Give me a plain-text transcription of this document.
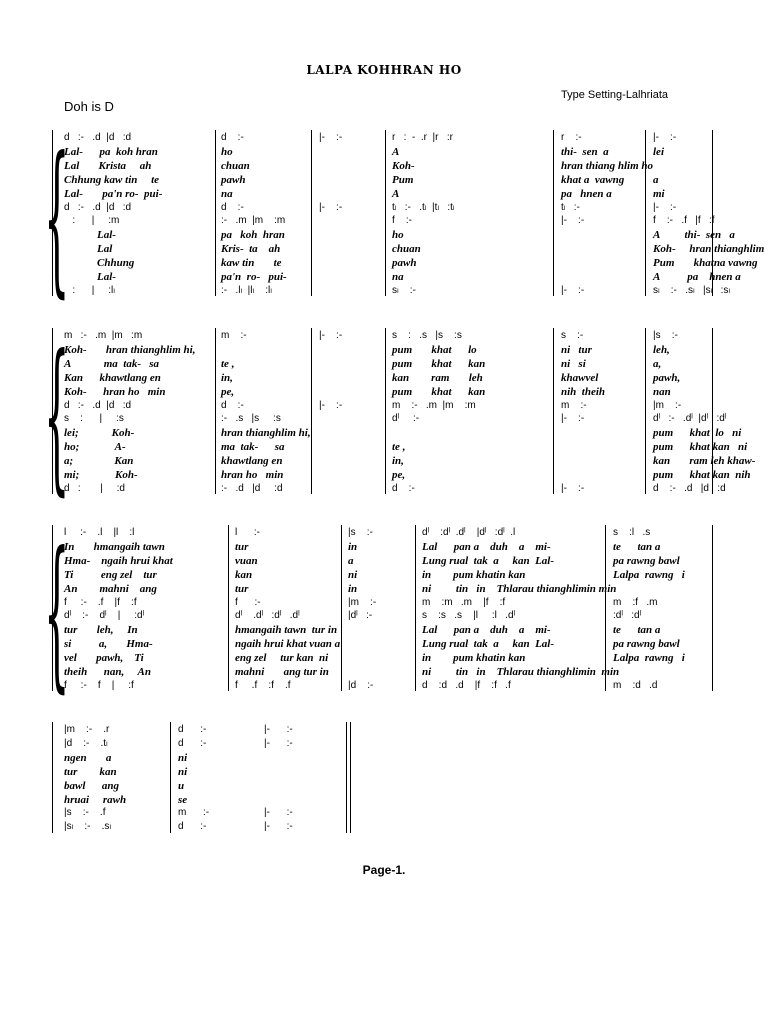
LALPA KOHHRAN HO
Type Setting-Lalhriata
Doh is D
{
d   :-   .d  |d   :d	d    :-	|-    :-	r   :  -  .r  |r   :r	r    :-	|-    :-
Lal-      pa  koh hran	ho	A	thi-  sen  a	lei
Lal       Krista     ah	chuan	Koh-	hran thiang hlim ho
Chhung kaw tin     te	pawh	Pum	khat a  vawng	a
Lal-       pa'n ro-  pui-	na	A	pa   hnen a	mi
d   :-   .d  |d   :d	d    :-	|-    :-	tₗ   :-   .tₗ  |tₗ   :tₗ	tₗ   :-	|-    :-
:      |     :m	:-   .m  |m    :m	f    :-	|-    :-	f    :-   .f   |f   :f
Lal-	pa   koh  hran	ho	A         thi-  sen   a
Lal	Kris-  ta    ah	chuan	Koh-     hran thianghlim
Chhung	kaw tin       te	pawh	Pum       khatna vawng
Lal-	pa'n  ro-   pui-	na	A          pa    hnen a
:      |     :lₗ	:-   .lₗ  |lₗ    :lₗ	sₗ    :-	|-    :-	sₗ    :-   .sₗ   |sₗ   :sₗ
{
m   :-   .m  |m   :m	m    :-	|-    :-	s    :   .s   |s    :s	s    :-	|s    :-
Koh-       hran thianghlim hi,	pum       khat      lo	ni   tur	leh,
A            ma  tak-   sa	te ,	pum       khat      kan	ni   si	a,
Kan      khawtlang en	in,	kan        ram       leh	khawvel	pawh,
Koh-      hran ho   min	pe,	pum       khat      kan	nih  theih	nan
d   :-   .d  |d   :d	d    :-	|-    :-	m    :-   .m  |m    :m	m    :-	|m    :-
s    :      |     :s	:-   .s   |s     :s	dˡ     :-	|-    :-	dˡ   :-   .dˡ  |dˡ   :dˡ
lei;            Koh-	hran thianghlim hi,	pum      khat  lo   ni
ho;             A-	ma  tak-      sa	te ,	pum      khat kan   ni
a;               Kan	khawtlang en	in,	kan       ram leh khaw-
mi;             Koh-	hran ho   min	pe,	pum      khat kan  nih
d   :       |     :d	:-   .d   |d     :d	d    :-	|-    :-	d    :-   .d   |d   :d
{
l     :-    .l    |l    :l	l      :-	|s    :-	dˡ    :dˡ  .dˡ    |dˡ   :dˡ  .l	s    :l   .s
In       hmangaih tawn	tur	in	Lal      pan a    duh    a    mi-	te      tan a
Hma-    ngaih hrui khat	vuan	a	Lung rual  tak  a     kan  Lal-	pa rawng bawl
Ti          eng zel    tur	kan	ni	in        pum khatin kan	Lalpa  rawng   i
An        mahni    ang	tur	in	ni         tin   in    Thlarau thianghlimin min
f     :-    .f    |f    :f	f      :-	|m    :-	m    :m   .m    |f    :f	m    :f   .m
dˡ    :-    dˡ    |     :dˡ	dˡ    .dˡ   :dˡ   .dˡ	|dˡ   :-	s    :s   .s    |l     :l   .dˡ	:dˡ   :dˡ
tur       leh,     In	hmangaih tawn  tur in	Lal      pan a    duh    a    mi-	te      tan a
si          a,       Hma-	ngaih hrui khat vuan a	Lung rual  tak  a     kan  Lal-	pa rawng bawl
vel       pawh,    Ti	eng zel     tur kan  ni	in        pum khatin kan	Lalpa  rawng   i
theih      nan,     An	mahni       ang tur in	ni         tin   in    Thlarau thianghlimin  min
f     :-    f    |     :f	f     .f    :f    .f	|d    :-	d    :d   .d    |f    :f   .f	m    :d   .d
|m    :-    .r	d      :-	|-      :-
|d    :-    .tₗ	d      :-	|-      :-
ngen       a	ni
tur        kan	ni
bawl      ang	u
hruai     rawh	se
|s    :-    .f	m      :-	|-      :-
|sₗ    :-    .sₗ	d      :-	|-      :-
Page-1.
